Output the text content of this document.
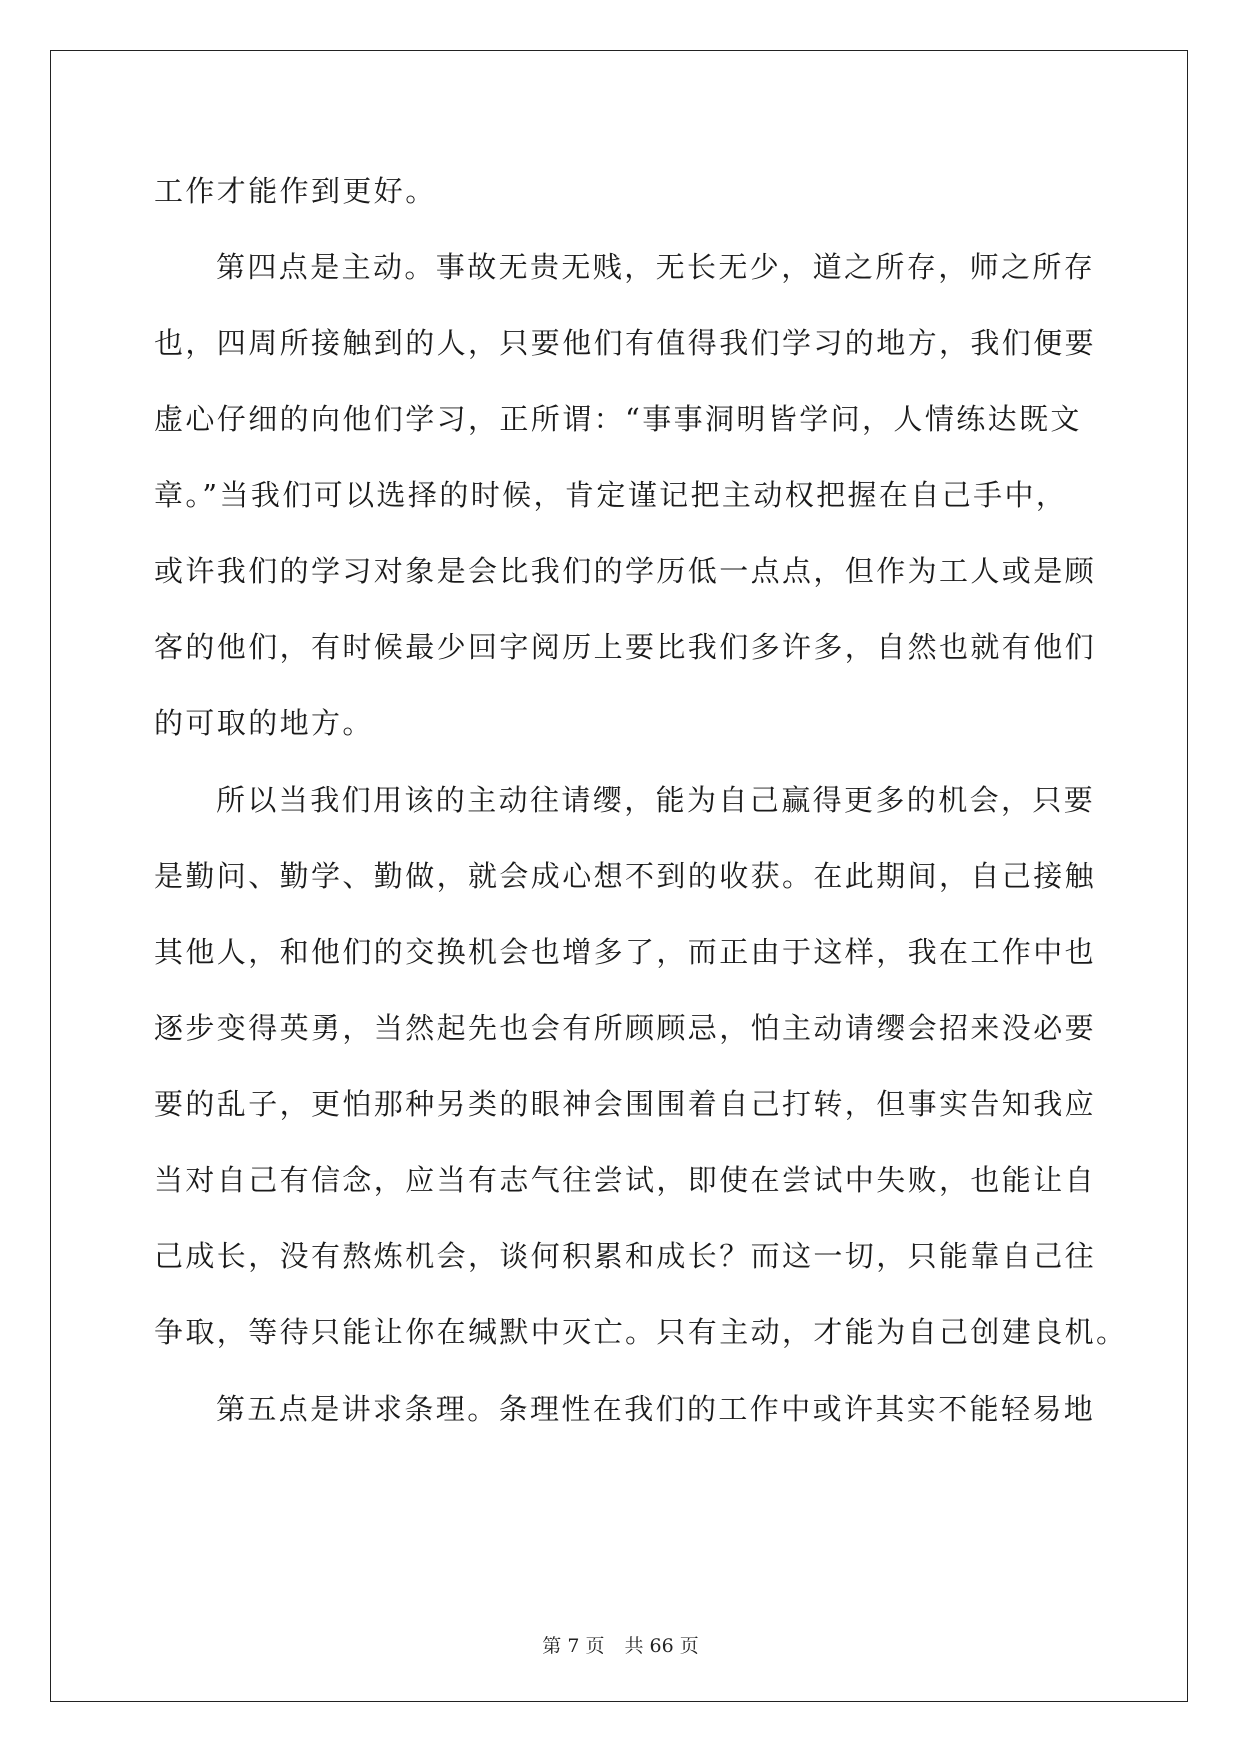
工作才能作到更好。
第四点是主动。事故无贵无贱，无长无少，道之所存，师之所存
也，四周所接触到的人，只要他们有值得我们学习的地方，我们便要
虚心仔细的向他们学习，正所谓：“事事洞明皆学问，人情练达既文
章。”当我们可以选择的时候，肯定谨记把主动权把握在自己手中，
或许我们的学习对象是会比我们的学历低一点点，但作为工人或是顾
客的他们，有时候最少回字阅历上要比我们多许多，自然也就有他们
的可取的地方。
所以当我们用该的主动往请缨，能为自己赢得更多的机会，只要
是勤问、勤学、勤做，就会成心想不到的收获。在此期间，自己接触
其他人，和他们的交换机会也增多了，而正由于这样，我在工作中也
逐步变得英勇，当然起先也会有所顾顾忌，怕主动请缨会招来没必要
要的乱子，更怕那种另类的眼神会围围着自己打转，但事实告知我应
当对自己有信念，应当有志气往尝试，即使在尝试中失败，也能让自
己成长，没有熬炼机会，谈何积累和成长？而这一切，只能靠自己往
争取，等待只能让你在缄默中灭亡。只有主动，才能为自己创建良机。
第五点是讲求条理。条理性在我们的工作中或许其实不能轻易地
第 7 页 共 66 页
